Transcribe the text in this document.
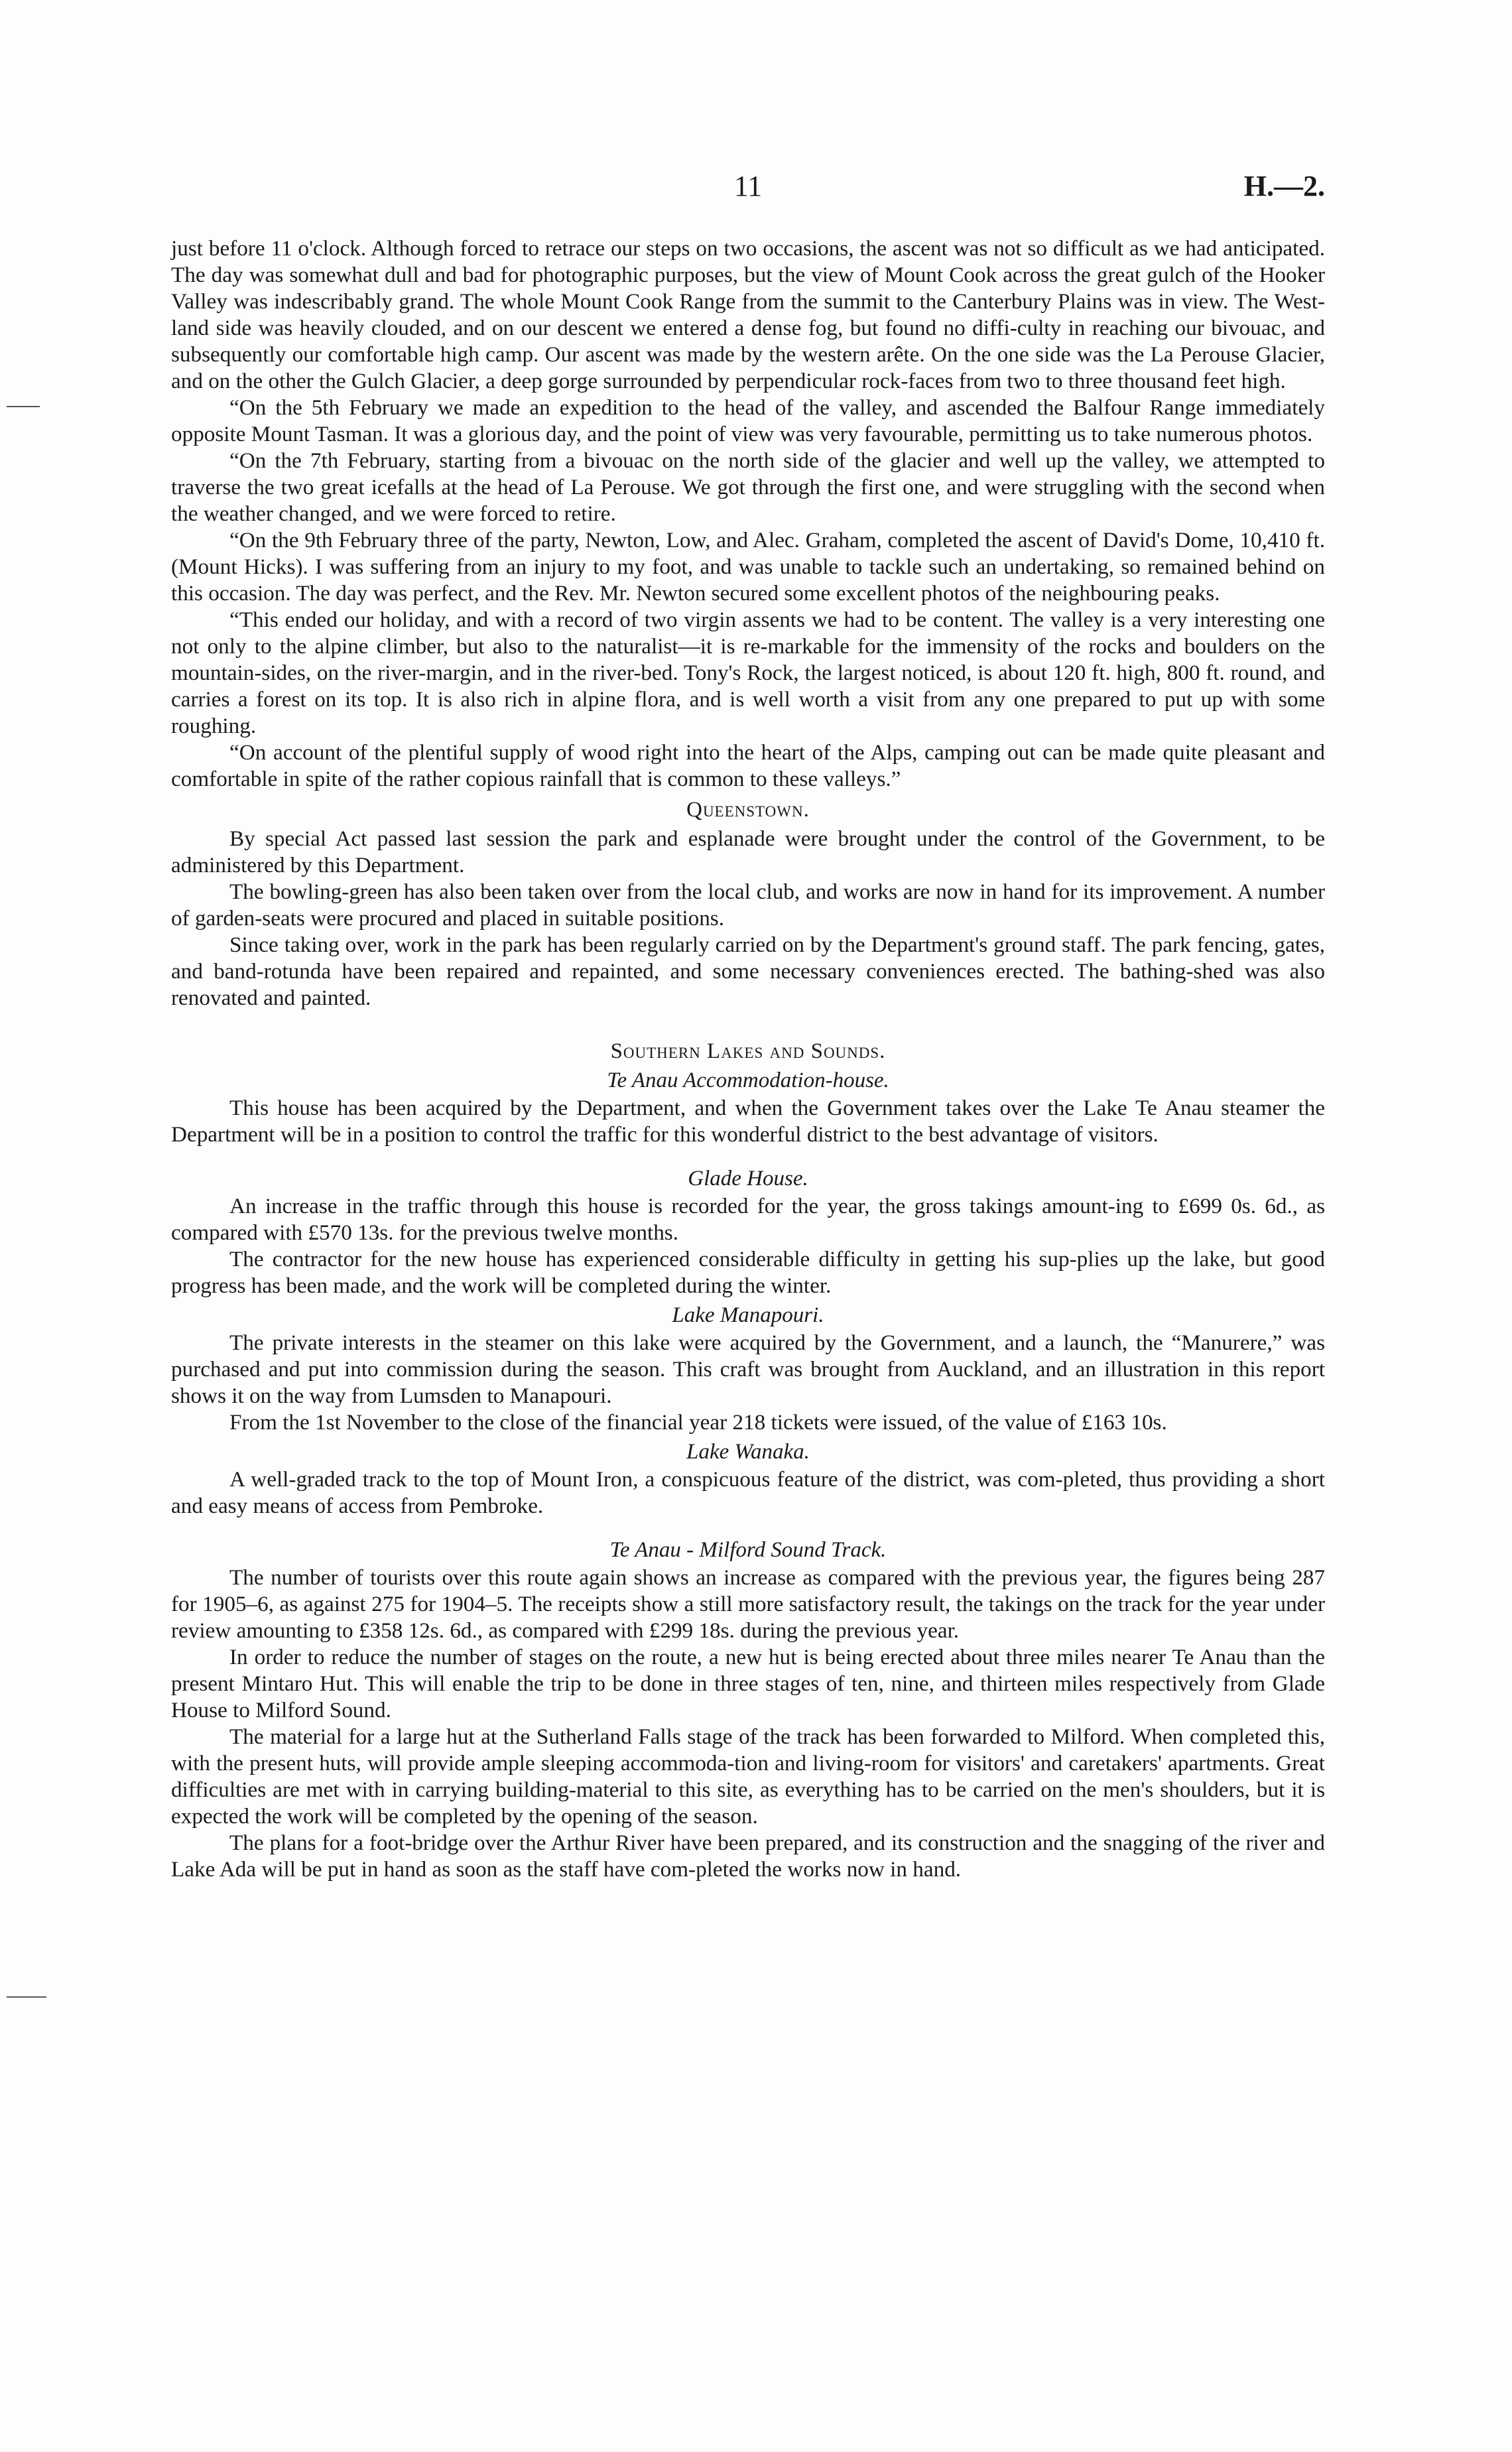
11	H.—2.

just before 11 o'clock. Although forced to retrace our steps on two occasions, the ascent was not so difficult as we had anticipated. The day was somewhat dull and bad for photographic purposes, but the view of Mount Cook across the great gulch of the Hooker Valley was indescribably grand. The whole Mount Cook Range from the summit to the Canterbury Plains was in view. The West-land side was heavily clouded, and on our descent we entered a dense fog, but found no diffi-culty in reaching our bivouac, and subsequently our comfortable high camp. Our ascent was made by the western arête. On the one side was the La Perouse Glacier, and on the other the Gulch Glacier, a deep gorge surrounded by perpendicular rock-faces from two to three thousand feet high.

“On the 5th February we made an expedition to the head of the valley, and ascended the Balfour Range immediately opposite Mount Tasman. It was a glorious day, and the point of view was very favourable, permitting us to take numerous photos.

“On the 7th February, starting from a bivouac on the north side of the glacier and well up the valley, we attempted to traverse the two great icefalls at the head of La Perouse. We got through the first one, and were struggling with the second when the weather changed, and we were forced to retire.

“On the 9th February three of the party, Newton, Low, and Alec. Graham, completed the ascent of David's Dome, 10,410 ft. (Mount Hicks). I was suffering from an injury to my foot, and was unable to tackle such an undertaking, so remained behind on this occasion. The day was perfect, and the Rev. Mr. Newton secured some excellent photos of the neighbouring peaks.

“This ended our holiday, and with a record of two virgin assents we had to be content. The valley is a very interesting one not only to the alpine climber, but also to the naturalist—it is re-markable for the immensity of the rocks and boulders on the mountain-sides, on the river-margin, and in the river-bed. Tony's Rock, the largest noticed, is about 120 ft. high, 800 ft. round, and carries a forest on its top. It is also rich in alpine flora, and is well worth a visit from any one prepared to put up with some roughing.

“On account of the plentiful supply of wood right into the heart of the Alps, camping out can be made quite pleasant and comfortable in spite of the rather copious rainfall that is common to these valleys.”

Queenstown.

By special Act passed last session the park and esplanade were brought under the control of the Government, to be administered by this Department.

The bowling-green has also been taken over from the local club, and works are now in hand for its improvement. A number of garden-seats were procured and placed in suitable positions.

Since taking over, work in the park has been regularly carried on by the Department's ground staff. The park fencing, gates, and band-rotunda have been repaired and repainted, and some necessary conveniences erected. The bathing-shed was also renovated and painted.

Southern Lakes and Sounds.
Te Anau Accommodation-house.

This house has been acquired by the Department, and when the Government takes over the Lake Te Anau steamer the Department will be in a position to control the traffic for this wonderful district to the best advantage of visitors.

Glade House.

An increase in the traffic through this house is recorded for the year, the gross takings amount-ing to £699 0s. 6d., as compared with £570 13s. for the previous twelve months.

The contractor for the new house has experienced considerable difficulty in getting his sup-plies up the lake, but good progress has been made, and the work will be completed during the winter.

Lake Manapouri.

The private interests in the steamer on this lake were acquired by the Government, and a launch, the “Manurere,” was purchased and put into commission during the season. This craft was brought from Auckland, and an illustration in this report shows it on the way from Lumsden to Manapouri.

From the 1st November to the close of the financial year 218 tickets were issued, of the value of £163 10s.

Lake Wanaka.

A well-graded track to the top of Mount Iron, a conspicuous feature of the district, was com-pleted, thus providing a short and easy means of access from Pembroke.

Te Anau - Milford Sound Track.

The number of tourists over this route again shows an increase as compared with the previous year, the figures being 287 for 1905–6, as against 275 for 1904–5. The receipts show a still more satisfactory result, the takings on the track for the year under review amounting to £358 12s. 6d., as compared with £299 18s. during the previous year.

In order to reduce the number of stages on the route, a new hut is being erected about three miles nearer Te Anau than the present Mintaro Hut. This will enable the trip to be done in three stages of ten, nine, and thirteen miles respectively from Glade House to Milford Sound.

The material for a large hut at the Sutherland Falls stage of the track has been forwarded to Milford. When completed this, with the present huts, will provide ample sleeping accommoda-tion and living-room for visitors' and caretakers' apartments. Great difficulties are met with in carrying building-material to this site, as everything has to be carried on the men's shoulders, but it is expected the work will be completed by the opening of the season.

The plans for a foot-bridge over the Arthur River have been prepared, and its construction and the snagging of the river and Lake Ada will be put in hand as soon as the staff have com-pleted the works now in hand.
